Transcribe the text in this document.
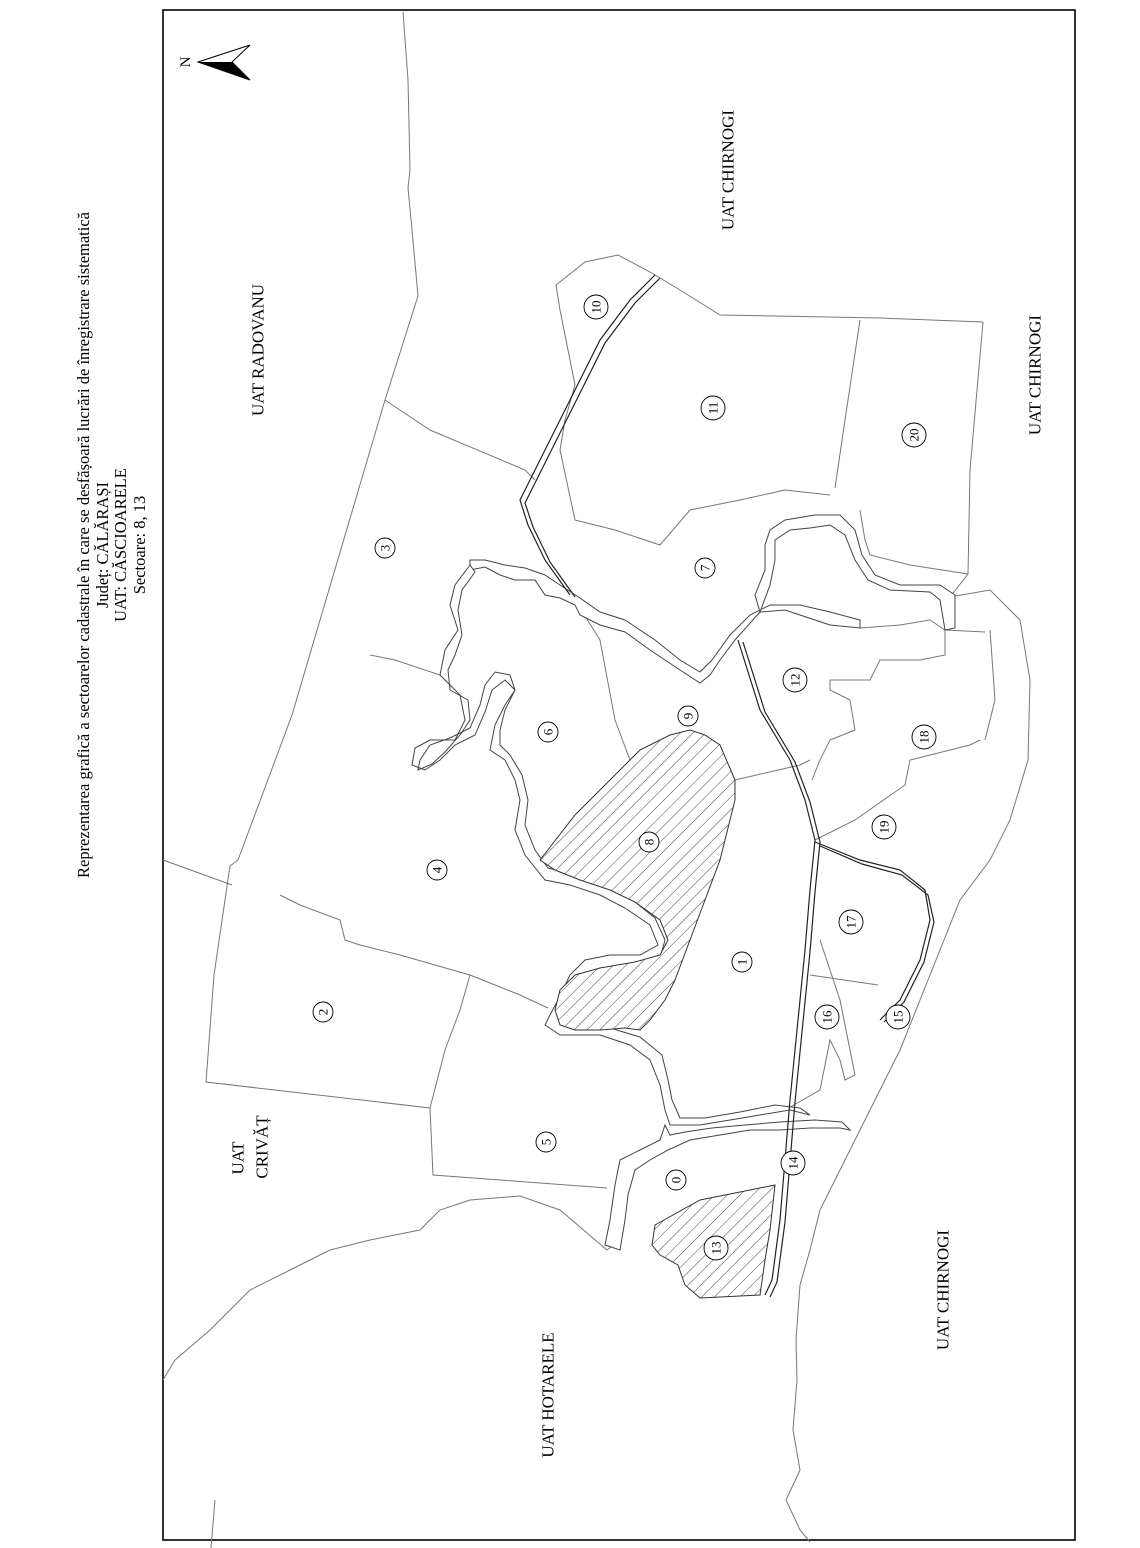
Reprezentarea grafică a sectoarelor cadastrale în care se desfășoară lucrări de înregistrare sistematică Județ: CĂLĂRAȘI UAT: CĂSCIOARELE Sectoare: 8, 13
N
UAT RADOVANU
UAT CHIRNOGI
UAT CHIRNOGI
UAT CHIRNOGI
UAT HOTARELE
UAT CRIVĂȚ
0
1
2
3
4
5
6
7
8
9
10
11
12
13
14
15
16
17
18
19
20
